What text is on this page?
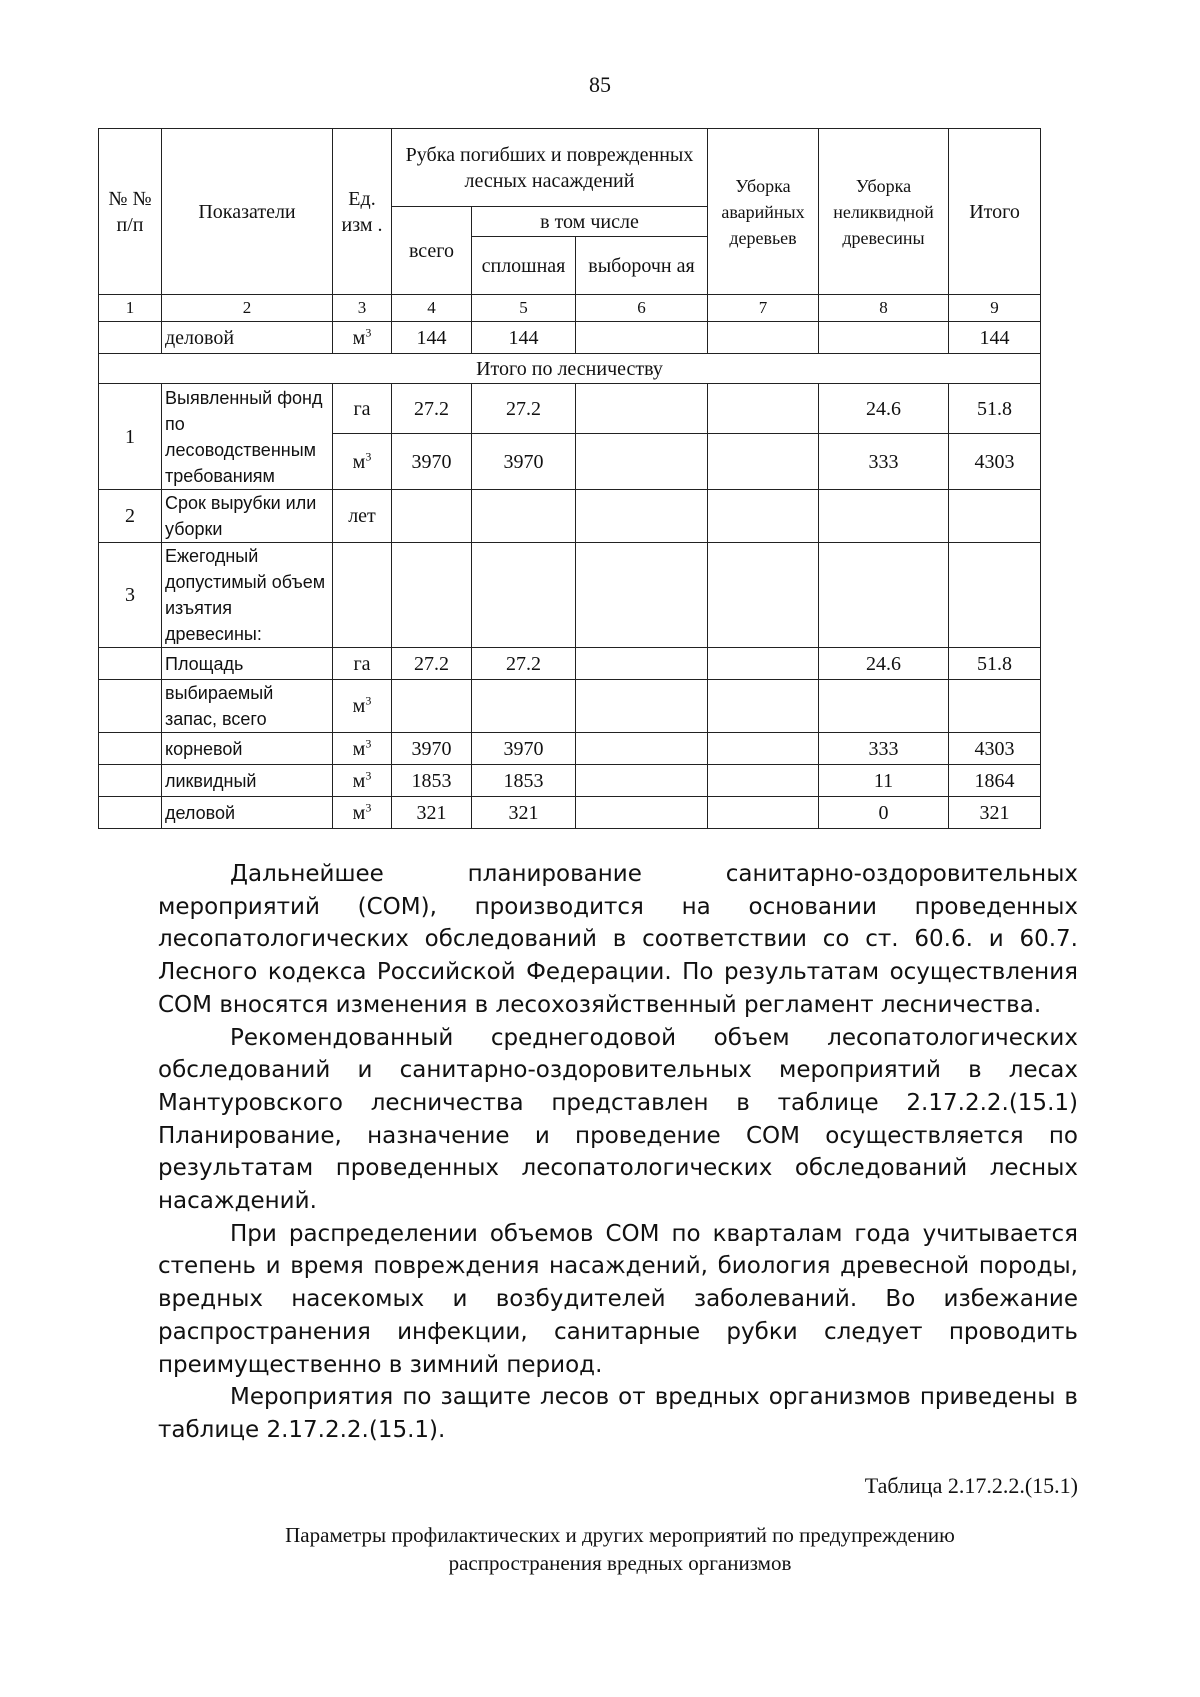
85
№ № п/п	Показатели	Ед. изм .	Рубка погибших и поврежденных лесных насаждений			Уборка аварийных деревьев	Уборка неликвидной древесины	Итого
			всего	в том числе				
				сплошная	выборочн ая			
1	2	3	4	5	6	7	8	9
	деловой	$м^3$	144	144				144
Итого по лесничеству								
1	Выявленный фонд по лесоводственным требованиям	га	27.2	27.2			24.6	51.8
		$м^3$	3970	3970			333	4303
2	Срок вырубки или уборки	лет						
3	Ежегодный допустимый объем изъятия древесины:							
	Площадь	га	27.2	27.2			24.6	51.8
	выбираемый запас, всего	$м^3$						
	корневой	$м^3$	3970	3970			333	4303
	ликвидный	$м^3$	1853	1853			11	1864
	деловой	$м^3$	321	321			0	321

Дальнейшее планирование санитарно-оздоровительных мероприятий (СОМ), производится на основании проведенных лесопатологических обследований в соответствии со ст. 60.6. и 60.7. Лесного кодекса Российской Федерации. По результатам осуществления СОМ вносятся изменения в лесохозяйственный регламент лесничества.

Рекомендованный среднегодовой объем лесопатологических обследований и санитарно-оздоровительных мероприятий в лесах Мантуровского лесничества представлен в таблице 2.17.2.2.(15.1) Планирование, назначение и проведение СОМ осуществляется по результатам проведенных лесопатологических обследований лесных насаждений.

При распределении объемов СОМ по кварталам года учитывается степень и время повреждения насаждений, биология древесной породы, вредных насекомых и возбудителей заболеваний. Во избежание распространения инфекции, санитарные рубки следует проводить преимущественно в зимний период.

Мероприятия по защите лесов от вредных организмов приведены в таблице 2.17.2.2.(15.1).

Таблица 2.17.2.2.(15.1)
Параметры профилактических и других мероприятий по предупреждению
распространения вредных организмов
